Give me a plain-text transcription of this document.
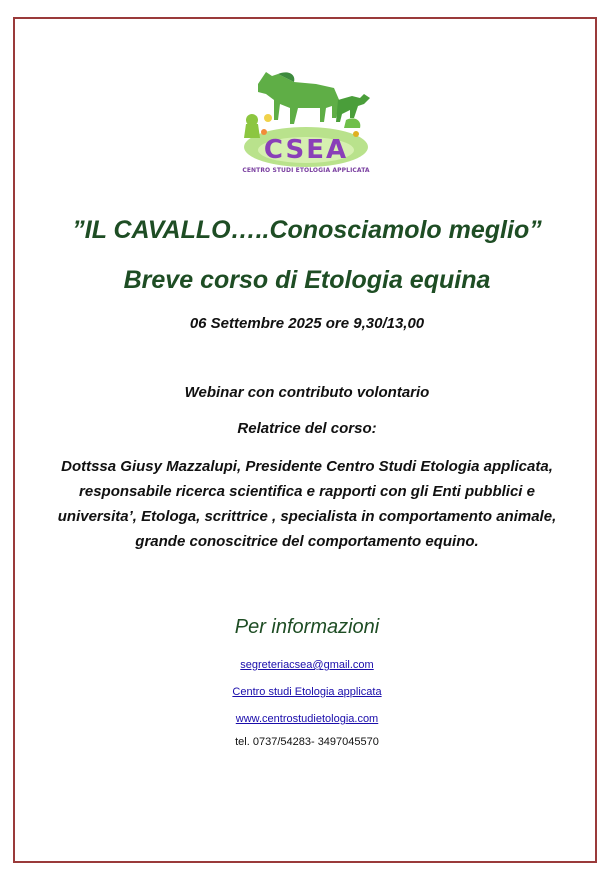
CSEA
CENTRO STUDI ETOLOGIA APPLICATA
”IL CAVALLO…..Conosciamolo meglio”
Breve corso di Etologia equina
06 Settembre 2025 ore 9,30/13,00
Webinar con contributo volontario
Relatrice del corso:
Dottssa Giusy Mazzalupi, Presidente Centro Studi Etologia applicata, responsabile ricerca scientifica e rapporti con gli Enti pubblici e universita’, Etologa, scrittrice , specialista in comportamento animale, grande conoscitrice del comportamento equino.
Per informazioni
segreteriacsea@gmail.com
Centro studi Etologia applicata
www.centrostudietologia.com
tel. 0737/54283- 3497045570
